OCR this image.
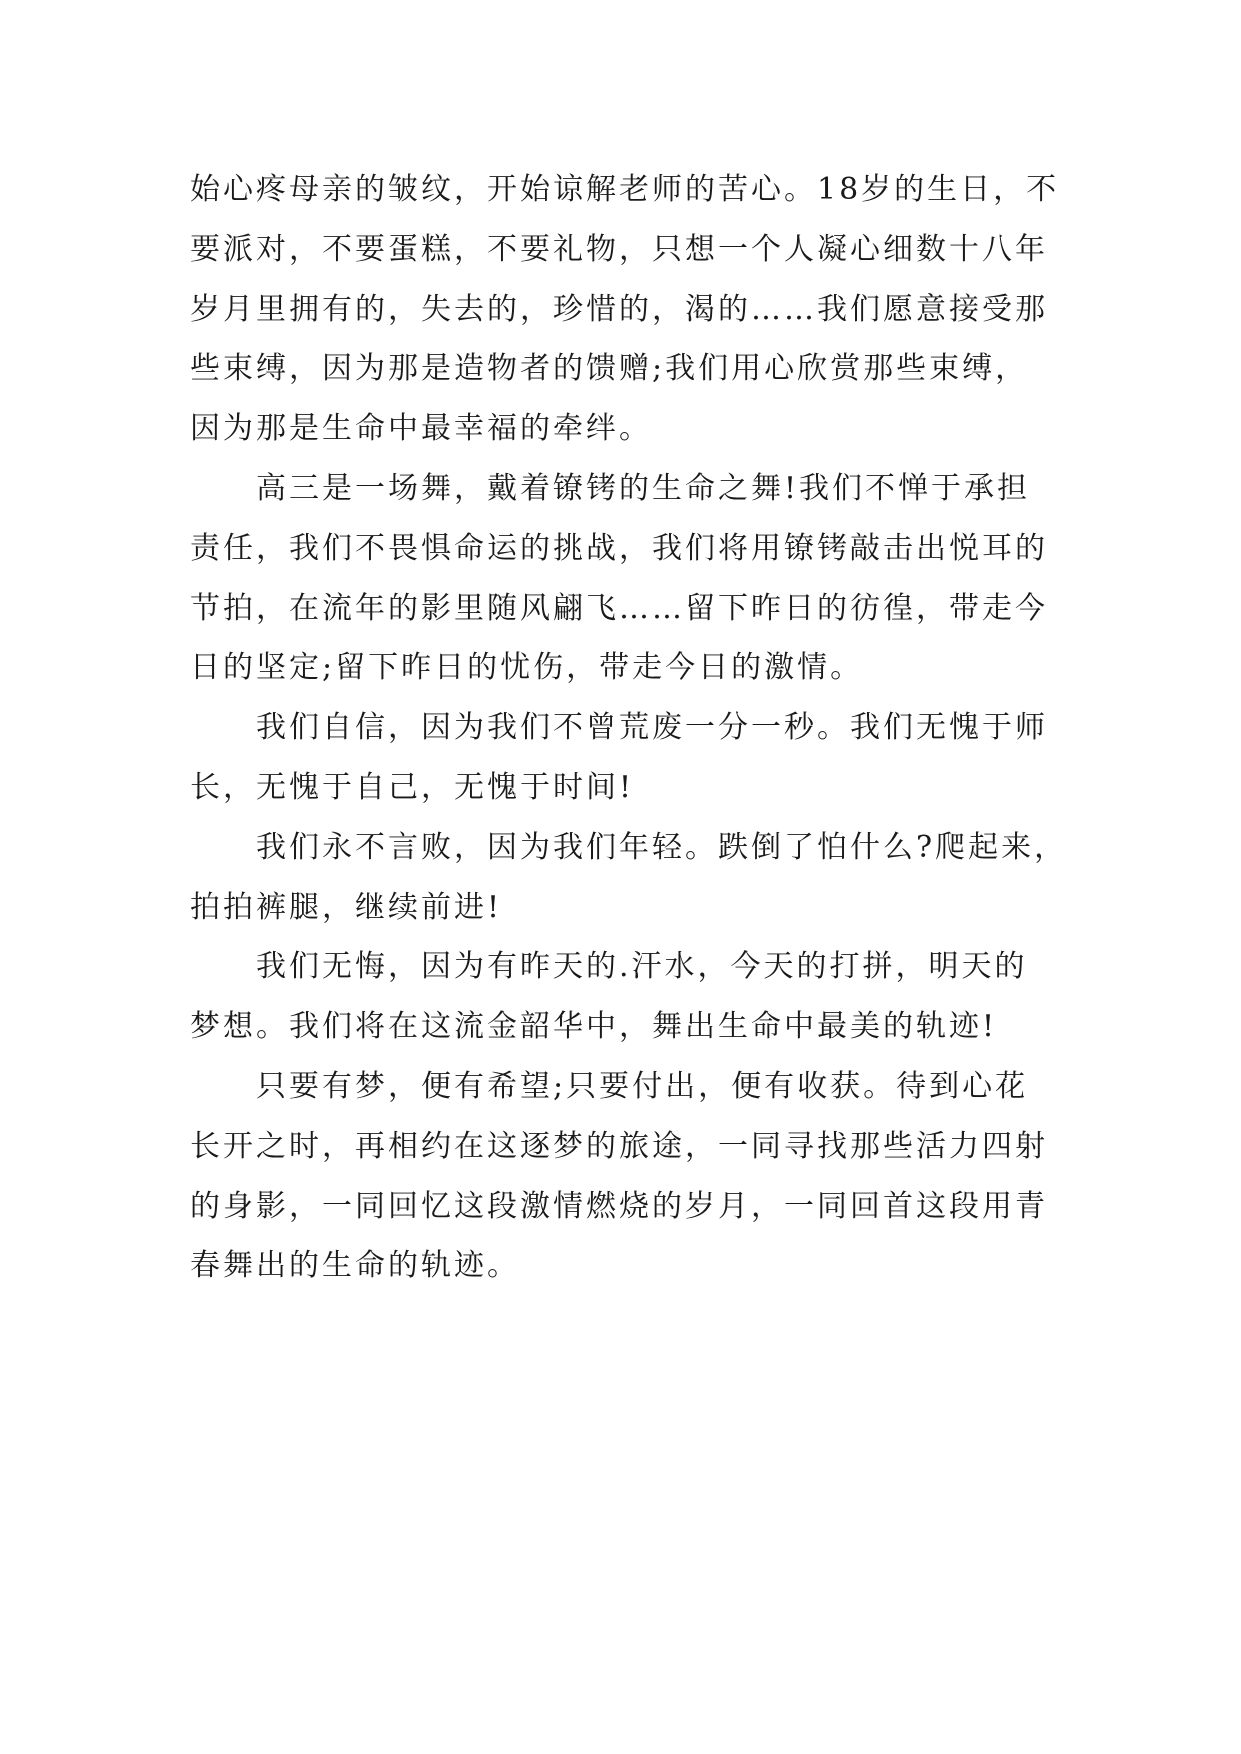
始心疼母亲的皱纹，开始谅解老师的苦心。18岁的生日，不
要派对，不要蛋糕，不要礼物，只想一个人凝心细数十八年
岁月里拥有的，失去的，珍惜的，渴的……我们愿意接受那
些束缚，因为那是造物者的馈赠;我们用心欣赏那些束缚，
因为那是生命中最幸福的牵绊。
高三是一场舞，戴着镣铐的生命之舞!我们不惮于承担
责任，我们不畏惧命运的挑战，我们将用镣铐敲击出悦耳的
节拍，在流年的影里随风翩飞……留下昨日的彷徨，带走今
日的坚定;留下昨日的忧伤，带走今日的激情。
我们自信，因为我们不曾荒废一分一秒。我们无愧于师
长，无愧于自己，无愧于时间!
我们永不言败，因为我们年轻。跌倒了怕什么?爬起来，
拍拍裤腿，继续前进!
我们无悔，因为有昨天的.汗水，今天的打拼，明天的
梦想。我们将在这流金韶华中，舞出生命中最美的轨迹!
只要有梦，便有希望;只要付出，便有收获。待到心花
长开之时，再相约在这逐梦的旅途，一同寻找那些活力四射
的身影，一同回忆这段激情燃烧的岁月，一同回首这段用青
春舞出的生命的轨迹。
